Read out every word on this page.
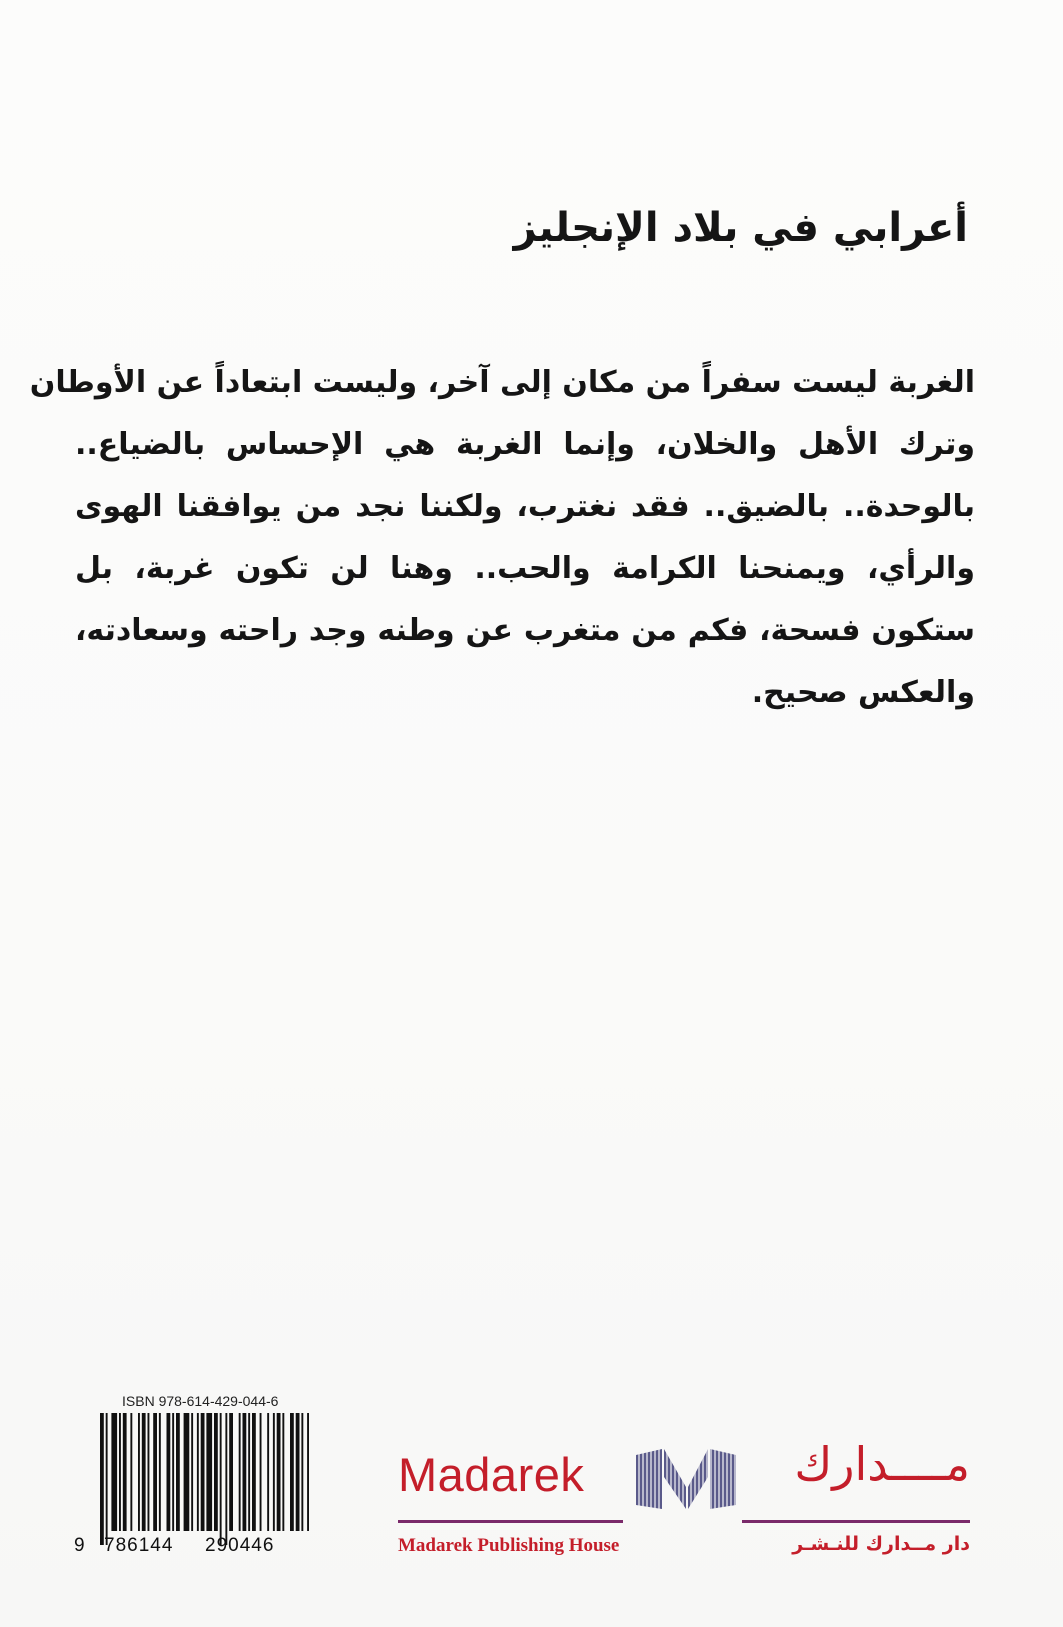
أعرابي في بلاد الإنجليز
الغربة ليست سفراً من مكان إلى آخر، وليست ابتعاداً عن الأوطان
وترك الأهل والخلان، وإنما الغربة هي الإحساس بالضياع..
بالوحدة.. بالضيق.. فقد نغترب، ولكننا نجد من يوافقنا الهوى
والرأي، ويمنحنا الكرامة والحب.. وهنا لن تكون غربة، بل
ستكون فسحة، فكم من متغرب عن وطنه وجد راحته وسعادته،
والعكس صحيح.
ISBN 978-614-429-044-6
9 786144 290446
Madarek	مــــدارك
Madarek Publishing House	دار مــدارك للنـشـر
